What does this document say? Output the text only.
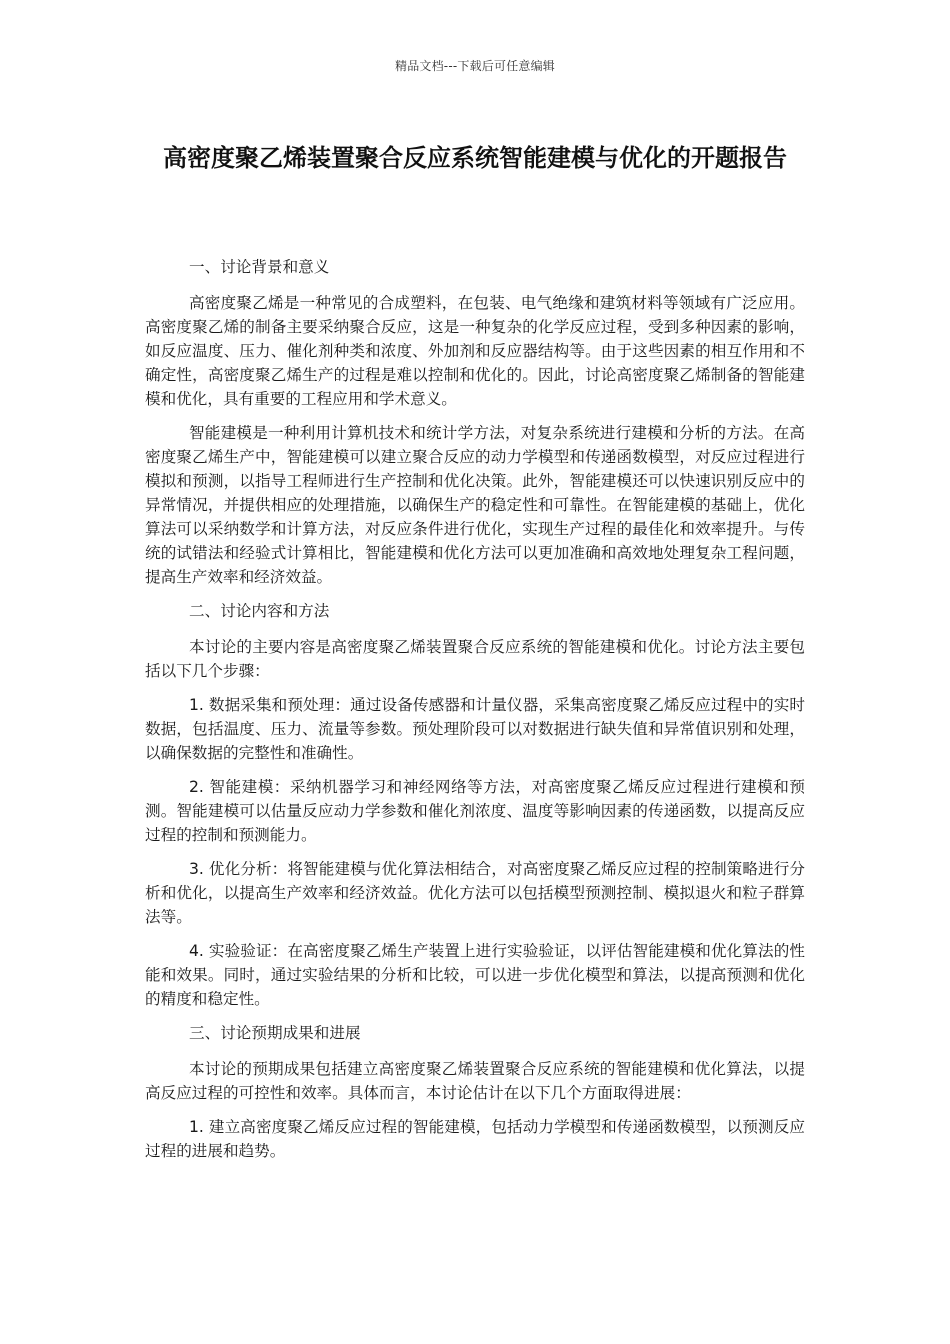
精品文档---下载后可任意编辑
高密度聚乙烯装置聚合反应系统智能建模与优化的开题报告

一、讨论背景和意义

高密度聚乙烯是一种常见的合成塑料，在包装、电气绝缘和建筑材料等领域有广泛应用。高密度聚乙烯的制备主要采纳聚合反应，这是一种复杂的化学反应过程，受到多种因素的影响，如反应温度、压力、催化剂种类和浓度、外加剂和反应器结构等。由于这些因素的相互作用和不确定性，高密度聚乙烯生产的过程是难以控制和优化的。因此，讨论高密度聚乙烯制备的智能建模和优化，具有重要的工程应用和学术意义。

智能建模是一种利用计算机技术和统计学方法，对复杂系统进行建模和分析的方法。在高密度聚乙烯生产中，智能建模可以建立聚合反应的动力学模型和传递函数模型，对反应过程进行模拟和预测，以指导工程师进行生产控制和优化决策。此外，智能建模还可以快速识别反应中的异常情况，并提供相应的处理措施，以确保生产的稳定性和可靠性。在智能建模的基础上，优化算法可以采纳数学和计算方法，对反应条件进行优化，实现生产过程的最佳化和效率提升。与传统的试错法和经验式计算相比，智能建模和优化方法可以更加准确和高效地处理复杂工程问题，提高生产效率和经济效益。

二、讨论内容和方法

本讨论的主要内容是高密度聚乙烯装置聚合反应系统的智能建模和优化。讨论方法主要包括以下几个步骤：

1. 数据采集和预处理：通过设备传感器和计量仪器，采集高密度聚乙烯反应过程中的实时数据，包括温度、压力、流量等参数。预处理阶段可以对数据进行缺失值和异常值识别和处理，以确保数据的完整性和准确性。

2. 智能建模：采纳机器学习和神经网络等方法，对高密度聚乙烯反应过程进行建模和预测。智能建模可以估量反应动力学参数和催化剂浓度、温度等影响因素的传递函数，以提高反应过程的控制和预测能力。

3. 优化分析：将智能建模与优化算法相结合，对高密度聚乙烯反应过程的控制策略进行分析和优化，以提高生产效率和经济效益。优化方法可以包括模型预测控制、模拟退火和粒子群算法等。

4. 实验验证：在高密度聚乙烯生产装置上进行实验验证，以评估智能建模和优化算法的性能和效果。同时，通过实验结果的分析和比较，可以进一步优化模型和算法，以提高预测和优化的精度和稳定性。

三、讨论预期成果和进展

本讨论的预期成果包括建立高密度聚乙烯装置聚合反应系统的智能建模和优化算法，以提高反应过程的可控性和效率。具体而言，本讨论估计在以下几个方面取得进展：

1. 建立高密度聚乙烯反应过程的智能建模，包括动力学模型和传递函数模型，以预测反应过程的进展和趋势。
